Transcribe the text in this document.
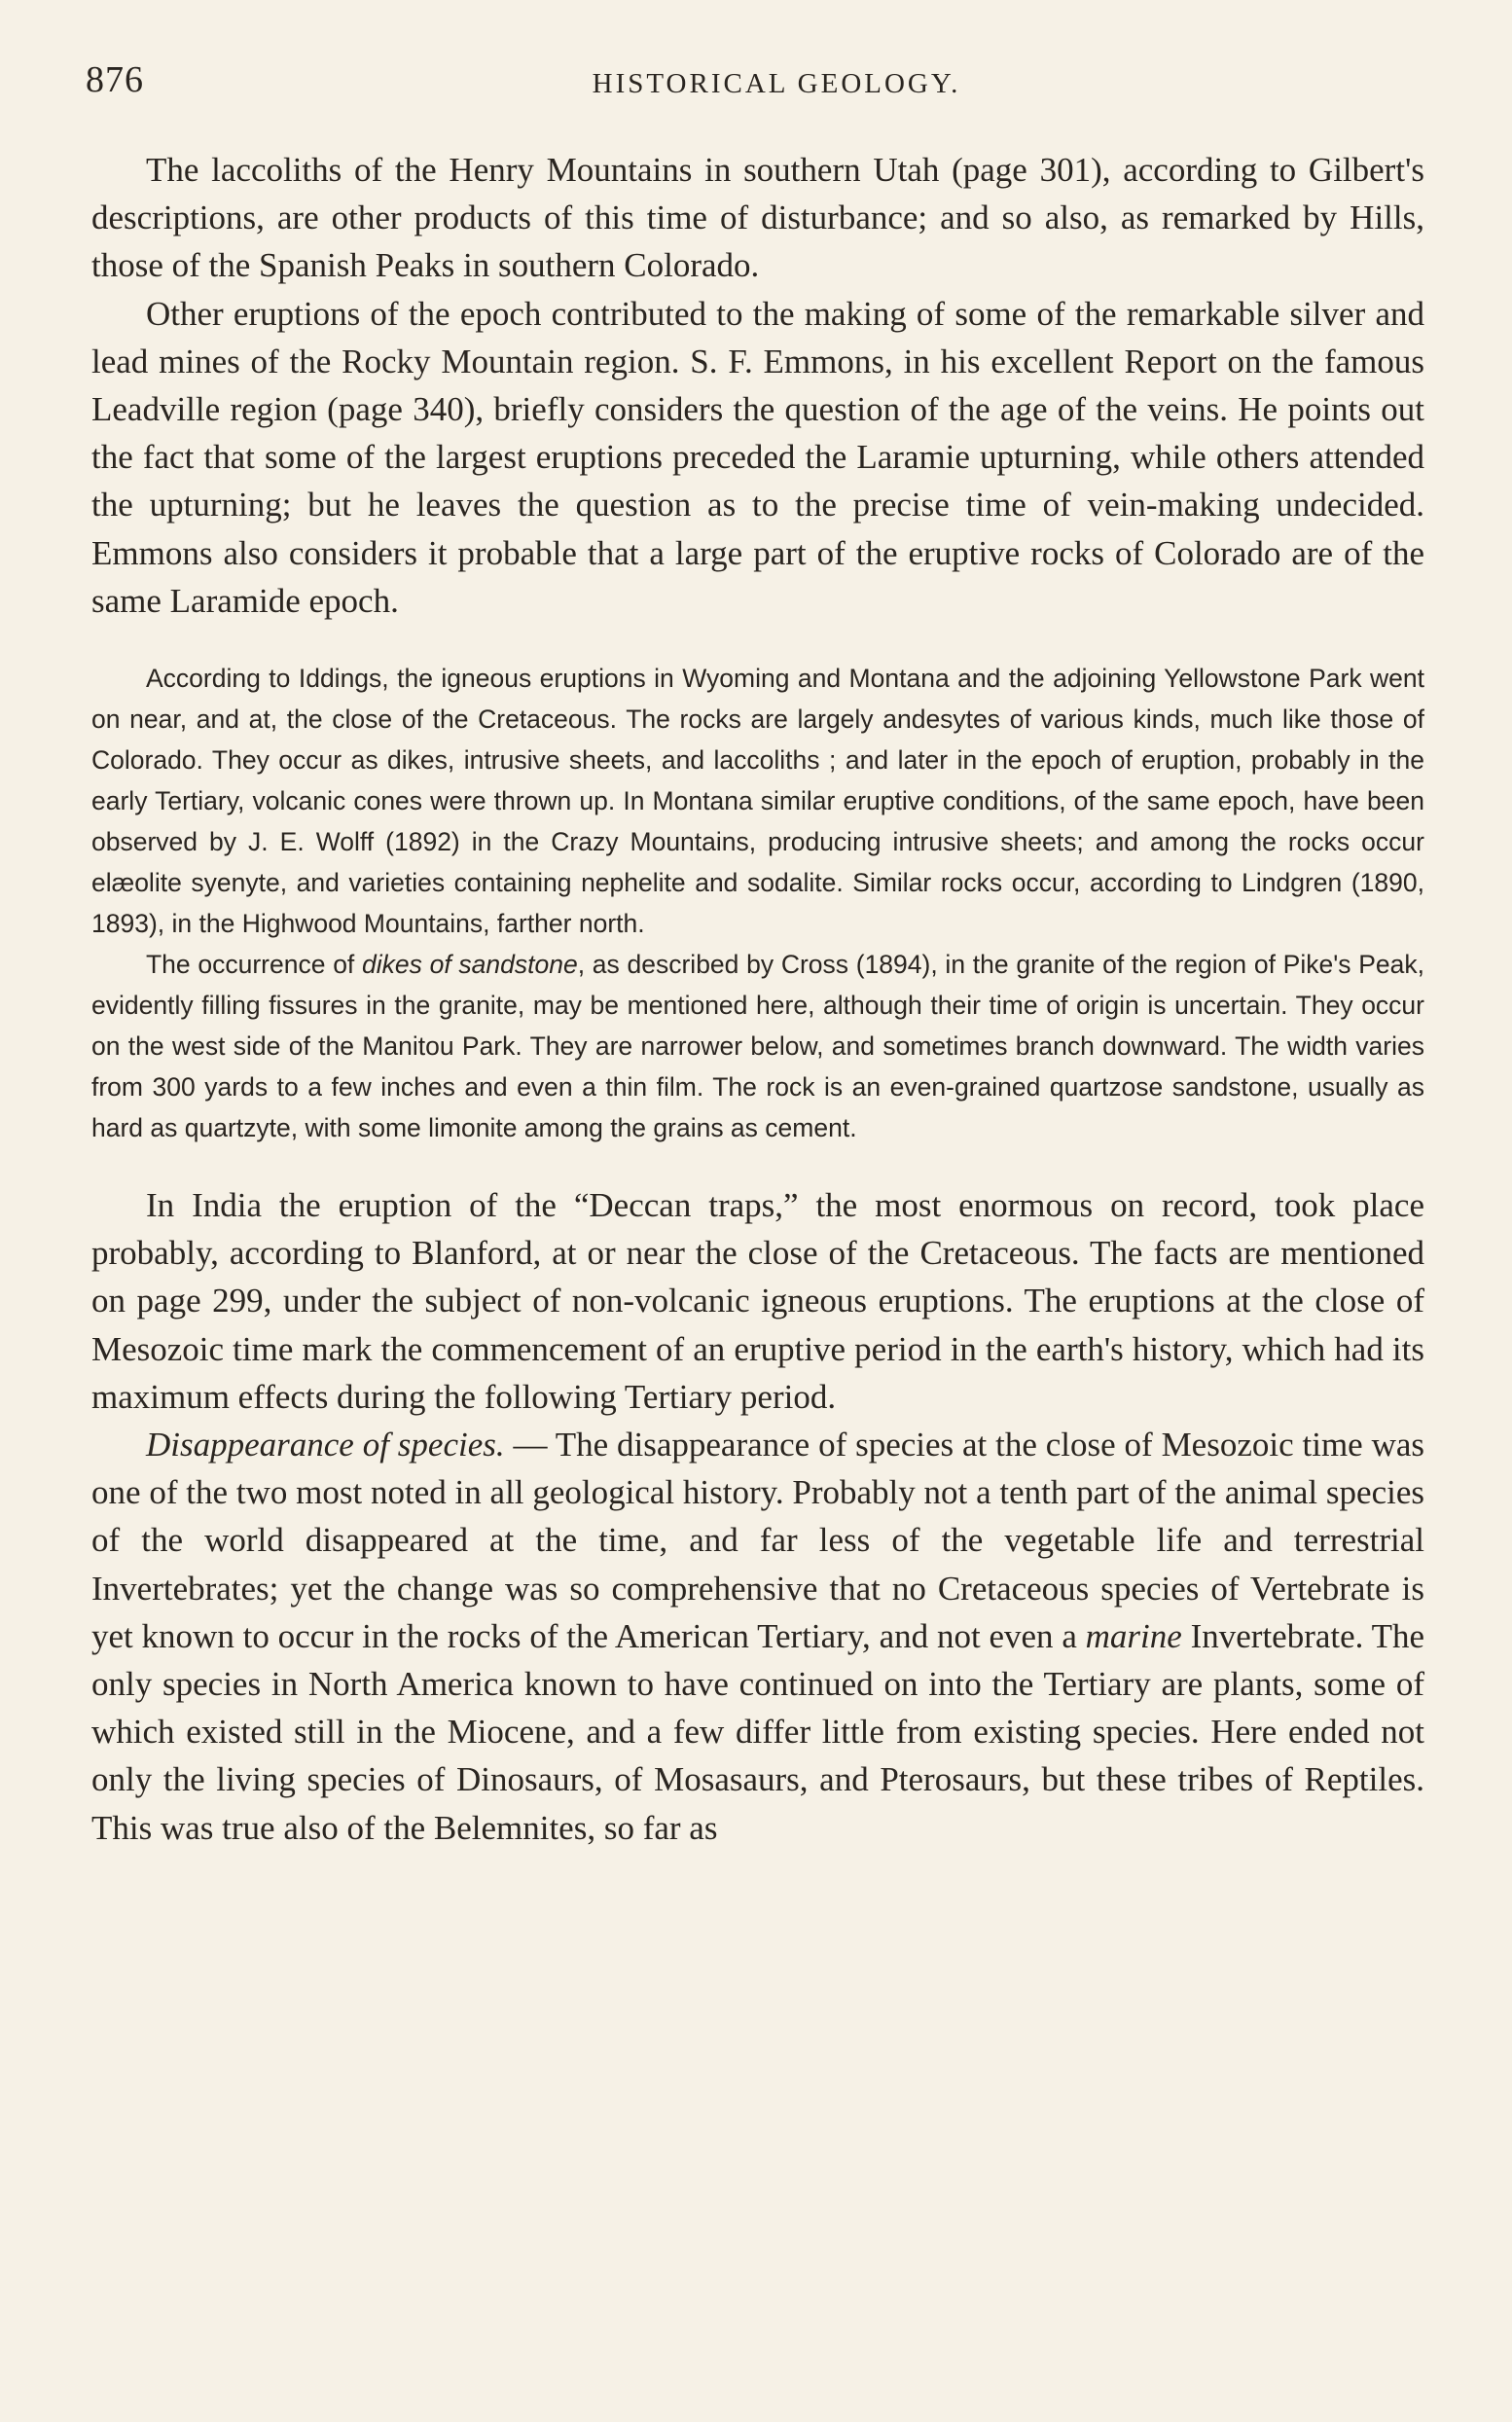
876	HISTORICAL GEOLOGY.

The laccoliths of the Henry Mountains in southern Utah (page 301), according to Gilbert's descriptions, are other products of this time of disturbance; and so also, as remarked by Hills, those of the Spanish Peaks in southern Colorado.

Other eruptions of the epoch contributed to the making of some of the remarkable silver and lead mines of the Rocky Mountain region. S. F. Emmons, in his excellent Report on the famous Leadville region (page 340), briefly considers the question of the age of the veins. He points out the fact that some of the largest eruptions preceded the Laramie upturning, while others attended the upturning; but he leaves the question as to the precise time of vein-making undecided. Emmons also considers it probable that a large part of the eruptive rocks of Colorado are of the same Laramide epoch.

According to Iddings, the igneous eruptions in Wyoming and Montana and the adjoining Yellowstone Park went on near, and at, the close of the Cretaceous. The rocks are largely andesytes of various kinds, much like those of Colorado. They occur as dikes, intrusive sheets, and laccoliths ; and later in the epoch of eruption, probably in the early Tertiary, volcanic cones were thrown up. In Montana similar eruptive conditions, of the same epoch, have been observed by J. E. Wolff (1892) in the Crazy Mountains, producing intrusive sheets; and among the rocks occur elæolite syenyte, and varieties containing nephelite and sodalite. Similar rocks occur, according to Lindgren (1890, 1893), in the Highwood Mountains, farther north.

The occurrence of dikes of sandstone, as described by Cross (1894), in the granite of the region of Pike's Peak, evidently filling fissures in the granite, may be mentioned here, although their time of origin is uncertain. They occur on the west side of the Manitou Park. They are narrower below, and sometimes branch downward. The width varies from 300 yards to a few inches and even a thin film. The rock is an even-grained quartzose sandstone, usually as hard as quartzyte, with some limonite among the grains as cement.

In India the eruption of the “Deccan traps,” the most enormous on record, took place probably, according to Blanford, at or near the close of the Cretaceous. The facts are mentioned on page 299, under the subject of non-volcanic igneous eruptions. The eruptions at the close of Mesozoic time mark the commencement of an eruptive period in the earth's history, which had its maximum effects during the following Tertiary period.

Disappearance of species. — The disappearance of species at the close of Mesozoic time was one of the two most noted in all geological history. Probably not a tenth part of the animal species of the world disappeared at the time, and far less of the vegetable life and terrestrial Invertebrates; yet the change was so comprehensive that no Cretaceous species of Vertebrate is yet known to occur in the rocks of the American Tertiary, and not even a marine Invertebrate. The only species in North America known to have continued on into the Tertiary are plants, some of which existed still in the Miocene, and a few differ little from existing species. Here ended not only the living species of Dinosaurs, of Mosasaurs, and Pterosaurs, but these tribes of Reptiles. This was true also of the Belemnites, so far as
